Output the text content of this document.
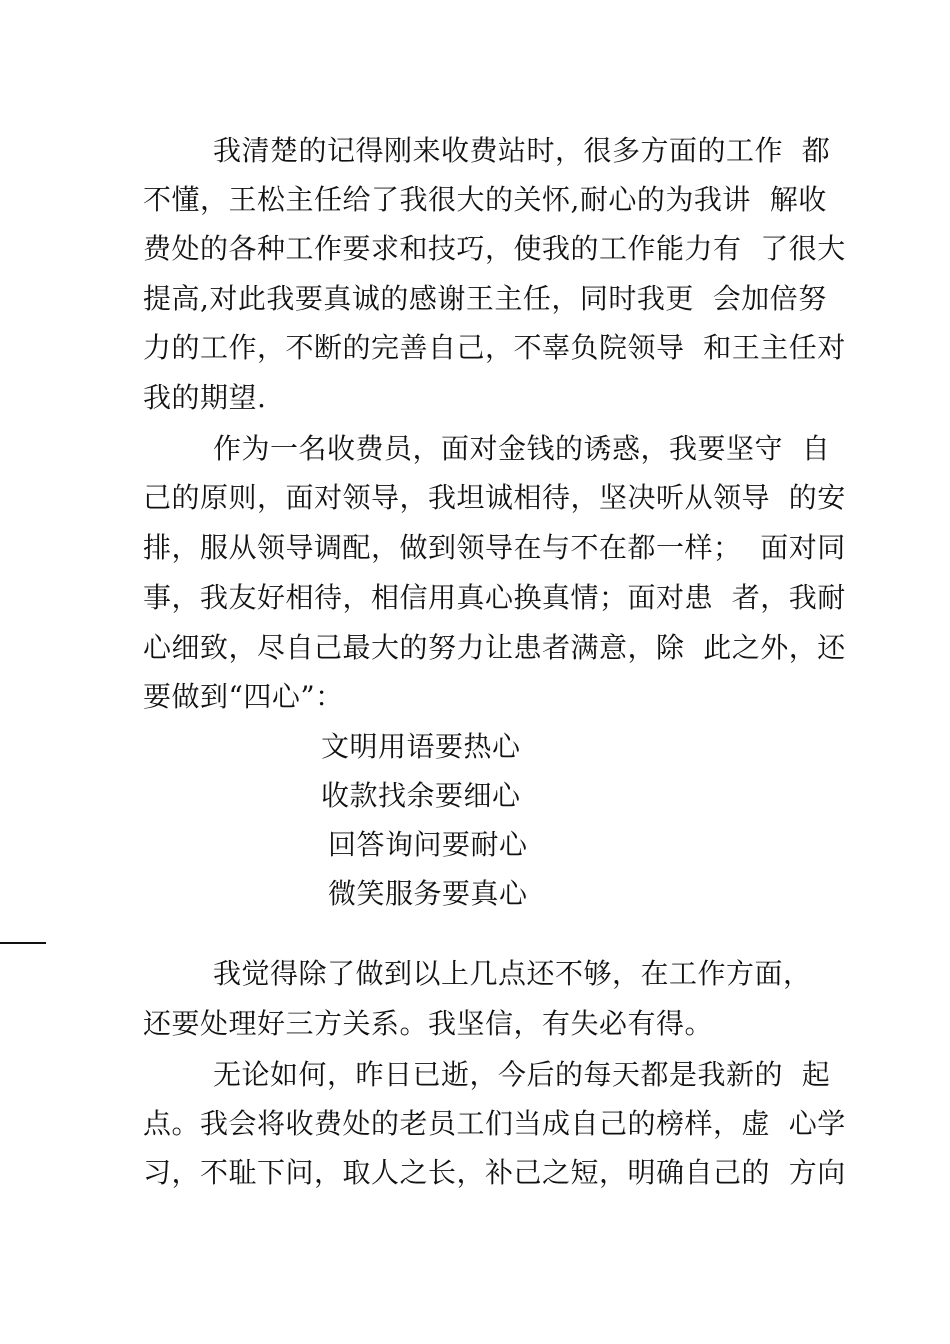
我清楚的记得刚来收费站时，很多方面的工作  都
不懂，王松主任给了我很大的关怀,耐心的为我讲  解收
费处的各种工作要求和技巧，使我的工作能力有  了很大
提高,对此我要真诚的感谢王主任，同时我更  会加倍努
力的工作，不断的完善自己，不辜负院领导  和王主任对
我的期望.
作为一名收费员，面对金钱的诱惑，我要坚守  自
己的原则，面对领导，我坦诚相待，坚决听从领导  的安
排，服从领导调配，做到领导在与不在都一样；  面对同
事，我友好相待，相信用真心换真情；面对患  者，我耐
心细致，尽自己最大的努力让患者满意，除  此之外，还
要做到“四心”：
文明用语要热心
收款找余要细心
回答询问要耐心
微笑服务要真心
我觉得除了做到以上几点还不够，在工作方面，
还要处理好三方关系。我坚信，有失必有得。
无论如何，昨日已逝，今后的每天都是我新的  起
点。我会将收费处的老员工们当成自己的榜样，虚  心学
习，不耻下问，取人之长，补己之短，明确自己的  方向
